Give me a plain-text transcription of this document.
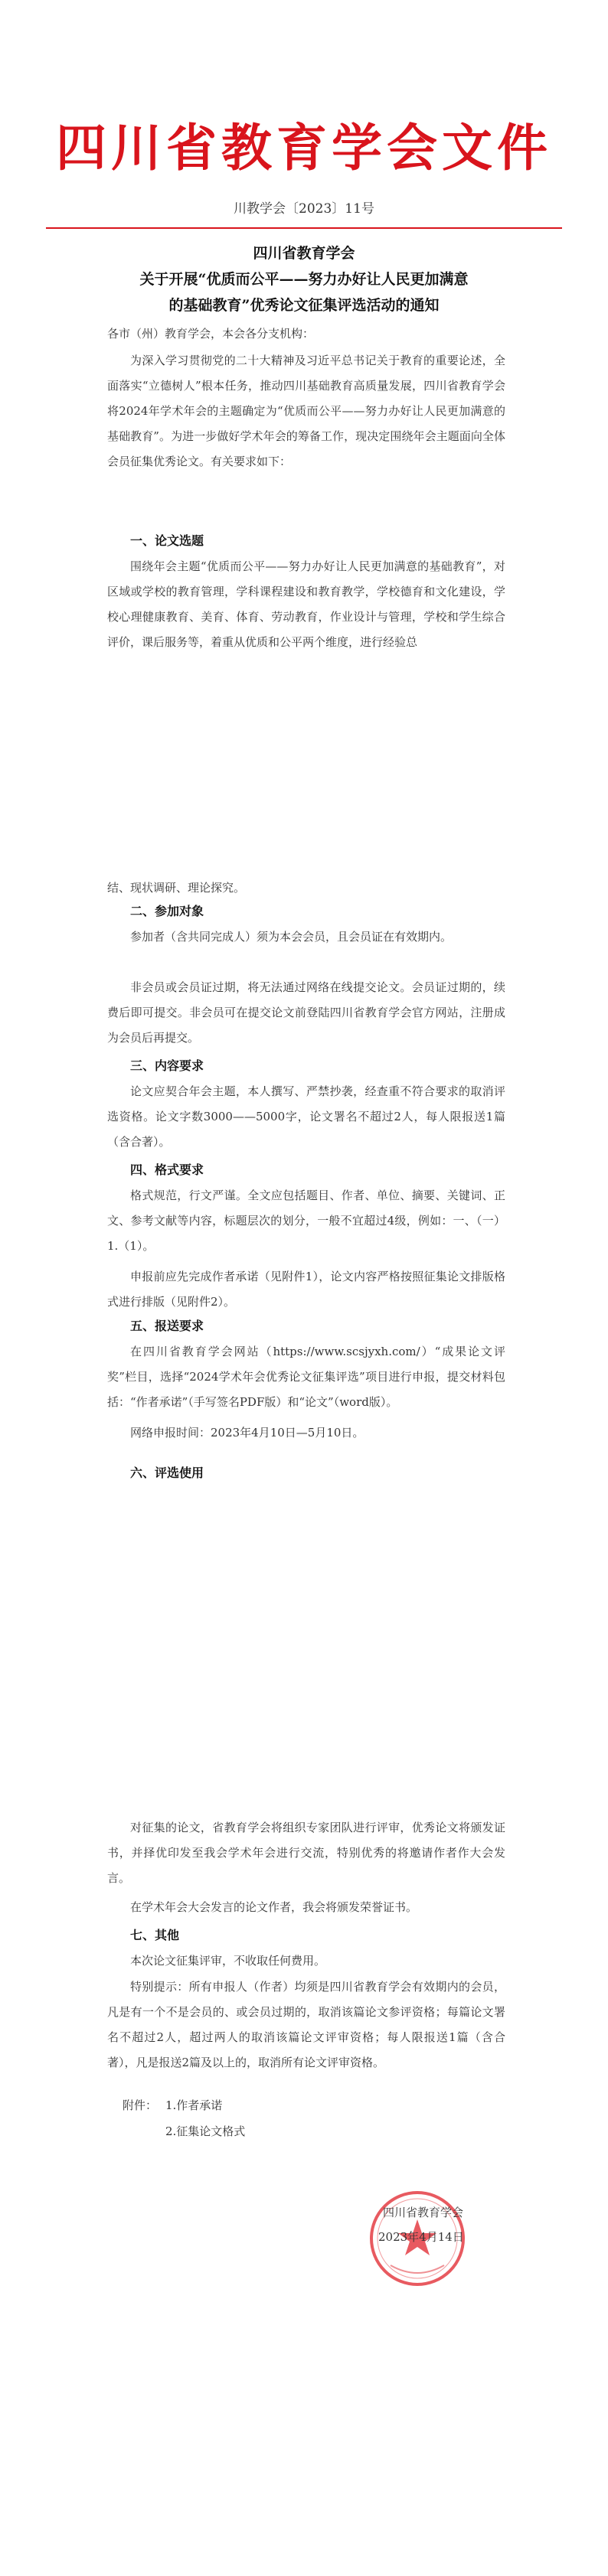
四川省教育学会文件
川教学会〔2023〕11号
四川省教育学会
关于开展“优质而公平——努力办好让人民更加满意
的基础教育”优秀论文征集评选活动的通知
各市（州）教育学会，本会各分支机构：
为深入学习贯彻党的二十大精神及习近平总书记关于教育的重要论述，全面落实“立德树人”根本任务，推动四川基础教育高质量发展，四川省教育学会将2024年学术年会的主题确定为“优质而公平——努力办好让人民更加满意的基础教育”。为进一步做好学术年会的筹备工作，现决定围绕年会主题面向全体会员征集优秀论文。有关要求如下：
一、论文选题
围绕年会主题“优质而公平——努力办好让人民更加满意的基础教育”，对区域或学校的教育管理，学科课程建设和教育教学，学校德育和文化建设，学校心理健康教育、美育、体育、劳动教育，作业设计与管理，学校和学生综合评价，课后服务等，着重从优质和公平两个维度，进行经验总
结、现状调研、理论探究。
二、参加对象
参加者（含共同完成人）须为本会会员，且会员证在有效期内。
非会员或会员证过期，将无法通过网络在线提交论文。会员证过期的，续费后即可提交。非会员可在提交论文前登陆四川省教育学会官方网站，注册成为会员后再提交。
三、内容要求
论文应契合年会主题，本人撰写、严禁抄袭，经查重不符合要求的取消评选资格。论文字数3000——5000字，论文署名不超过2人，每人限报送1篇（含合著）。
四、格式要求
格式规范，行文严谨。全文应包括题目、作者、单位、摘要、关键词、正文、参考文献等内容，标题层次的划分，一般不宜超过4级，例如：一、（一）1.（1）。
申报前应先完成作者承诺（见附件1），论文内容严格按照征集论文排版格式进行排版（见附件2）。
五、报送要求
在四川省教育学会网站（https://www.scsjyxh.com/）“成果论文评奖”栏目，选择“2024学术年会优秀论文征集评选”项目进行申报，提交材料包括：“作者承诺”（手写签名PDF版）和“论文”（word版）。
网络申报时间：2023年4月10日—5月10日。
六、评选使用
对征集的论文，省教育学会将组织专家团队进行评审，优秀论文将颁发证书，并择优印发至我会学术年会进行交流，特别优秀的将邀请作者作大会发言。
在学术年会大会发言的论文作者，我会将颁发荣誉证书。
七、其他
本次论文征集评审，不收取任何费用。
特别提示：所有申报人（作者）均须是四川省教育学会有效期内的会员，凡是有一个不是会员的、或会员过期的，取消该篇论文参评资格；每篇论文署名不超过2人，超过两人的取消该篇论文评审资格；每人限报送1篇（含合著），凡是报送2篇及以上的，取消所有论文评审资格。
附件： 1.作者承诺
2.征集论文格式
四川省教育学会
2023年4月14日
